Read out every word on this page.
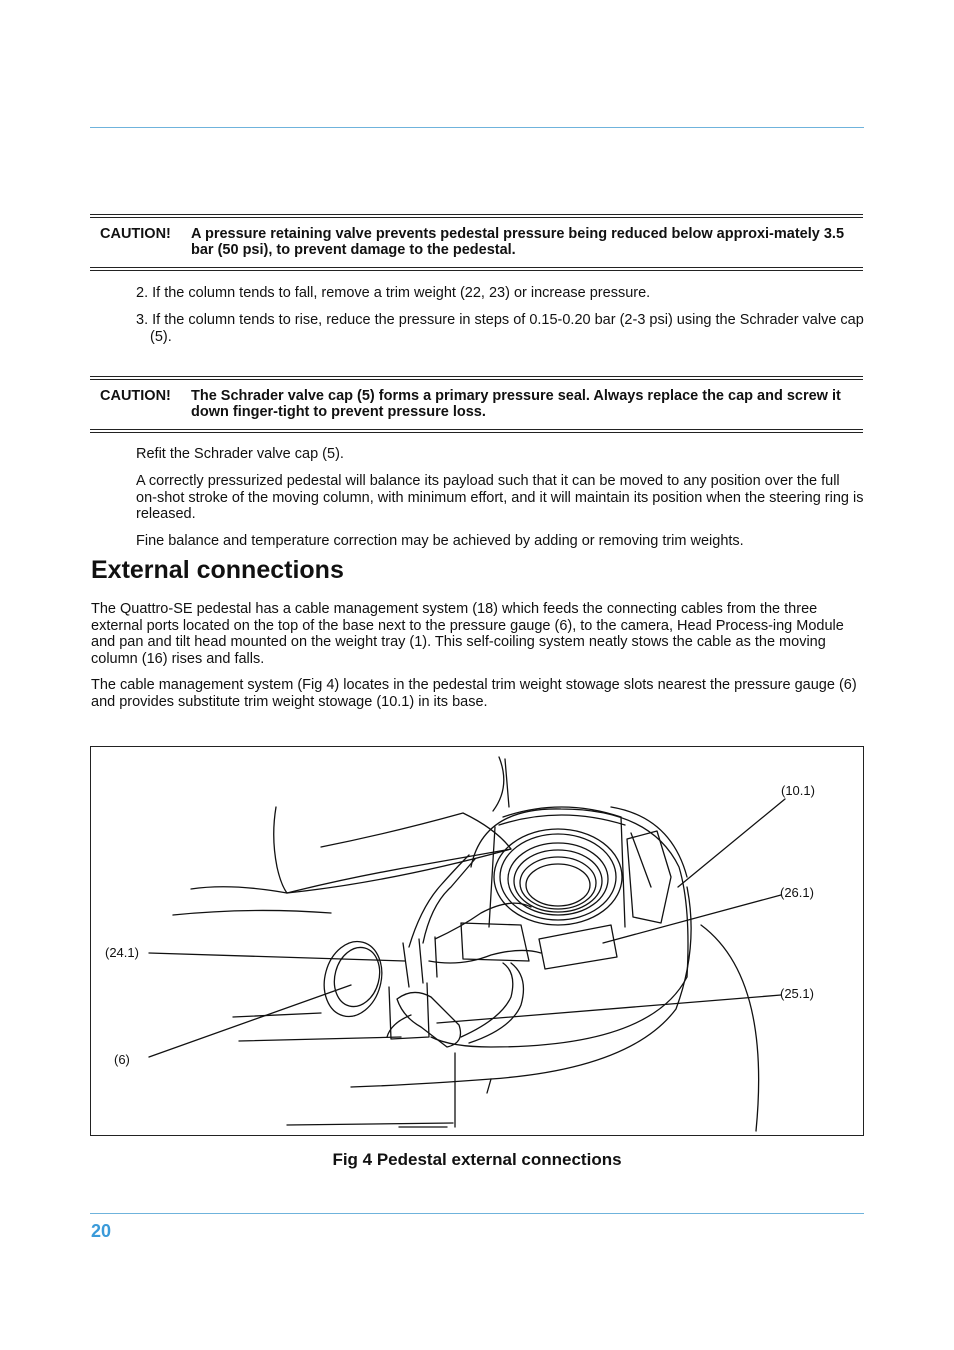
CAUTION!	A pressure retaining valve prevents pedestal pressure being reduced below approxi-mately 3.5 bar (50 psi), to prevent damage to the pedestal.
2. If the column tends to fall, remove a trim weight (22, 23) or increase pressure.
3. If the column tends to rise, reduce the pressure in steps of 0.15-0.20 bar (2-3 psi) using the Schrader valve cap (5).
CAUTION!	The Schrader valve cap (5) forms a primary pressure seal. Always replace the cap and screw it down finger-tight to prevent pressure loss.
Refit the Schrader valve cap (5).
A correctly pressurized pedestal will balance its payload such that it can be moved to any position over the full on-shot stroke of the moving column, with minimum effort, and it will maintain its position when the steering ring is released.
Fine balance and temperature correction may be achieved by adding or removing trim weights.
External connections
The Quattro-SE pedestal has a cable management system (18) which feeds the connecting cables from the three external ports located on the top of the base next to the pressure gauge (6), to the camera, Head Process-ing Module and pan and tilt head mounted on the weight tray (1). This self-coiling system neatly stows the cable as the moving column (16) rises and falls.
The cable management system (Fig 4) locates in the pedestal trim weight stowage slots nearest the pressure gauge (6) and provides substitute trim weight stowage (10.1) in its base.
(10.1)
(26.1)
(24.1)
(25.1)
(6)
Fig 4 Pedestal external connections
20
